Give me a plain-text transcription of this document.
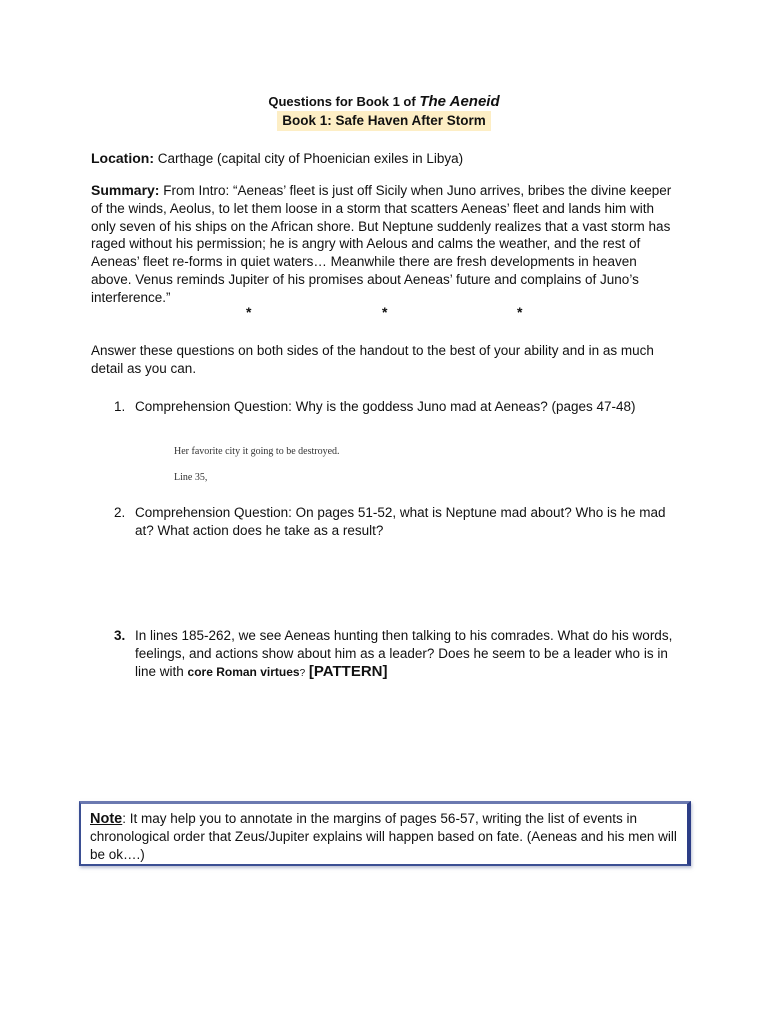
Questions for Book 1 of The Aeneid
Book 1: Safe Haven After Storm
Location: Carthage (capital city of Phoenician exiles in Libya)
Summary: From Intro: “Aeneas’ fleet is just off Sicily when Juno arrives, bribes the divine keeper of the winds, Aeolus, to let them loose in a storm that scatters Aeneas’ fleet and lands him with only seven of his ships on the African shore. But Neptune suddenly realizes that a vast storm has raged without his permission; he is angry with Aelous and calms the weather, and the rest of Aeneas’ fleet re-forms in quiet waters… Meanwhile there are fresh developments in heaven above. Venus reminds Jupiter of his promises about Aeneas’ future and complains of Juno’s interference.”
*	*	*
Answer these questions on both sides of the handout to the best of your ability and in as much detail as you can.
1. Comprehension Question: Why is the goddess Juno mad at Aeneas? (pages 47-48)
Her favorite city it going to be destroyed.
Line 35,
2. Comprehension Question: On pages 51-52, what is Neptune mad about? Who is he mad at? What action does he take as a result?
3. In lines 185-262, we see Aeneas hunting then talking to his comrades. What do his words, feelings, and actions show about him as a leader? Does he seem to be a leader who is in line with core Roman virtues? [PATTERN]
Note: It may help you to annotate in the margins of pages 56-57, writing the list of events in chronological order that Zeus/Jupiter explains will happen based on fate. (Aeneas and his men will be ok….)
